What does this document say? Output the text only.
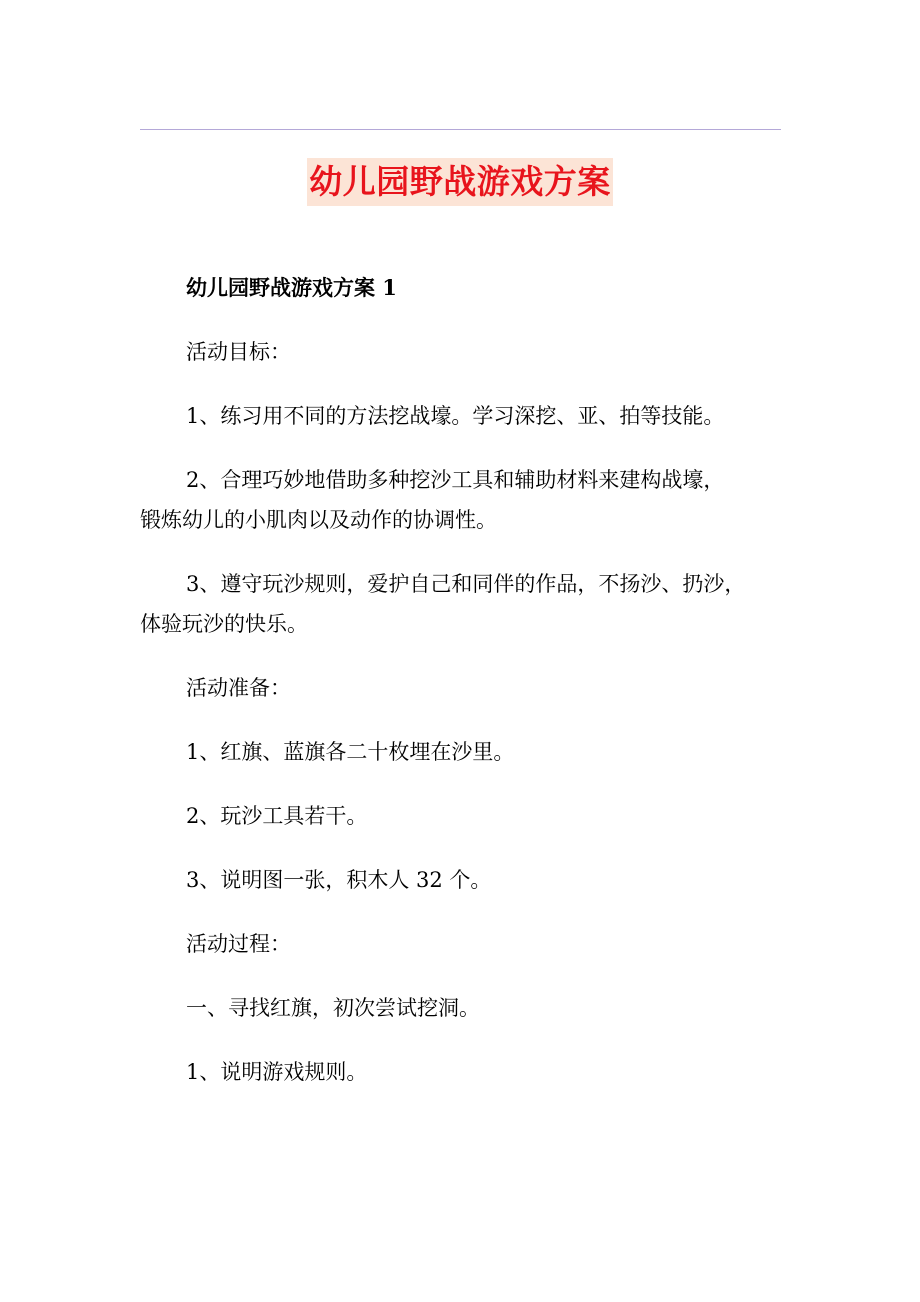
幼儿园野战游戏方案

幼儿园野战游戏方案 1

活动目标：

1、练习用不同的方法挖战壕。学习深挖、亚、拍等技能。

2、合理巧妙地借助多种挖沙工具和辅助材料来建构战壕，
锻炼幼儿的小肌肉以及动作的协调性。

3、遵守玩沙规则，爱护自己和同伴的作品，不扬沙、扔沙，
体验玩沙的快乐。

活动准备：

1、红旗、蓝旗各二十枚埋在沙里。

2、玩沙工具若干。

3、说明图一张，积木人 32 个。

活动过程：

一、寻找红旗，初次尝试挖洞。

1、说明游戏规则。
